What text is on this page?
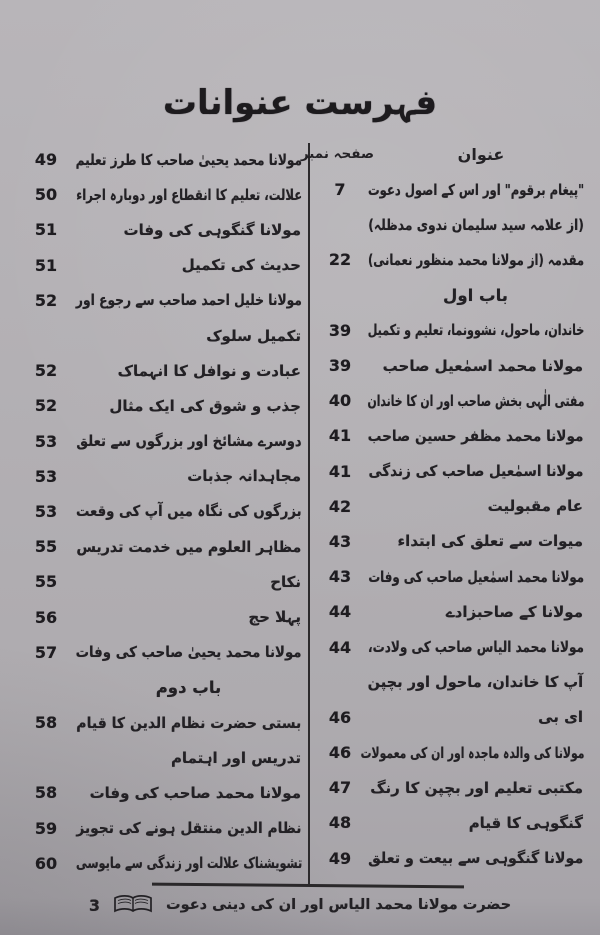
فہرست عنوانات
عنوان
صفحہ نمبر
"پیغام برقوم" اور اس کے اصول دعوت
7
(از علامہ سید سلیمان ندوی مدظلہ)
مقدمہ (از مولانا محمد منظور نعمانی)
22
باب اول
خاندان، ماحول، نشوونما، تعلیم و تکمیل
39
مولانا محمد اسمٰعیل صاحب
39
مفتی الٰہی بخش صاحب اور ان کا خاندان
40
مولانا محمد مظفر حسین صاحب
41
مولانا اسمٰعیل صاحب کی زندگی
41
عام مقبولیت
42
میوات سے تعلق کی ابتداء
43
مولانا محمد اسمٰعیل صاحب کی وفات
43
مولانا کے صاحبزادے
44
مولانا محمد الیاس صاحب کی ولادت،
44
آپ کا خاندان، ماحول اور بچپن
ای بی
46
مولانا کی والدہ ماجدہ اور ان کی معمولات
46
مکتبی تعلیم اور بچپن کا رنگ
47
گنگوہی کا قیام
48
مولانا گنگوہی سے بیعت و تعلق
49
مولانا محمد یحییٰ صاحب کا طرز تعلیم
49
علالت، تعلیم کا انقطاع اور دوبارہ اجراء
50
مولانا گنگوہی کی وفات
51
حدیث کی تکمیل
51
مولانا خلیل احمد صاحب سے رجوع اور
52
تکمیل سلوک
عبادت و نوافل کا انہماک
52
جذب و شوق کی ایک مثال
52
دوسرے مشائخ اور بزرگوں سے تعلق
53
مجاہدانہ جذبات
53
بزرگوں کی نگاہ میں آپ کی وقعت
53
مظاہر العلوم میں خدمت تدریس
55
نکاح
55
پہلا حج
56
مولانا محمد یحییٰ صاحب کی وفات
57
باب دوم
بستی حضرت نظام الدین کا قیام
58
تدریس اور اہتمام
مولانا محمد صاحب کی وفات
58
نظام الدین منتقل ہونے کی تجویز
59
تشویشناک علالت اور زندگی سے مایوسی
60
حضرت مولانا محمد الیاس اور ان کی دینی دعوت
3
